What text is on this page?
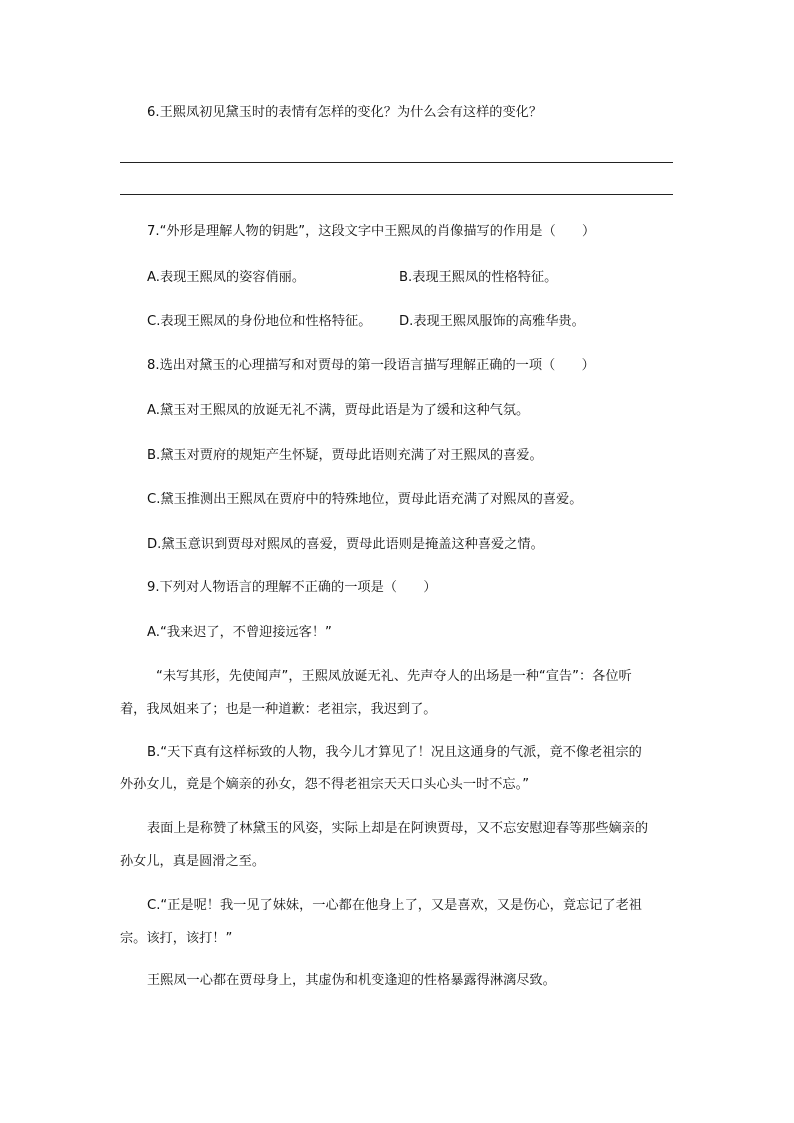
6.王熙凤初见黛玉时的表情有怎样的变化？为什么会有这样的变化？
7.“外形是理解人物的钥匙”，这段文字中王熙凤的肖像描写的作用是（　　）
A.表现王熙凤的姿容俏丽。	B.表现王熙凤的性格特征。
C.表现王熙凤的身份地位和性格特征。 D.表现王熙凤服饰的高雅华贵。
8.选出对黛玉的心理描写和对贾母的第一段语言描写理解正确的一项（　　）
A.黛玉对王熙凤的放诞无礼不满，贾母此语是为了缓和这种气氛。
B.黛玉对贾府的规矩产生怀疑，贾母此语则充满了对王熙凤的喜爱。
C.黛玉推测出王熙凤在贾府中的特殊地位，贾母此语充满了对熙凤的喜爱。
D.黛玉意识到贾母对熙凤的喜爱，贾母此语则是掩盖这种喜爱之情。
9.下列对人物语言的理解不正确的一项是（　　）
A.“我来迟了，不曾迎接远客！”
“未写其形，先使闻声”，王熙凤放诞无礼、先声夺人的出场是一种“宣告”：各位听
着，我凤姐来了；也是一种道歉：老祖宗，我迟到了。
B.“天下真有这样标致的人物，我今儿才算见了！况且这通身的气派，竟不像老祖宗的
外孙女儿，竟是个嫡亲的孙女，怨不得老祖宗天天口头心头一时不忘。”
表面上是称赞了林黛玉的风姿，实际上却是在阿谀贾母，又不忘安慰迎春等那些嫡亲的
孙女儿，真是圆滑之至。
C.“正是呢！我一见了妹妹，一心都在他身上了，又是喜欢，又是伤心，竟忘记了老祖
宗。该打，该打！”
王熙凤一心都在贾母身上，其虚伪和机变逢迎的性格暴露得淋漓尽致。
